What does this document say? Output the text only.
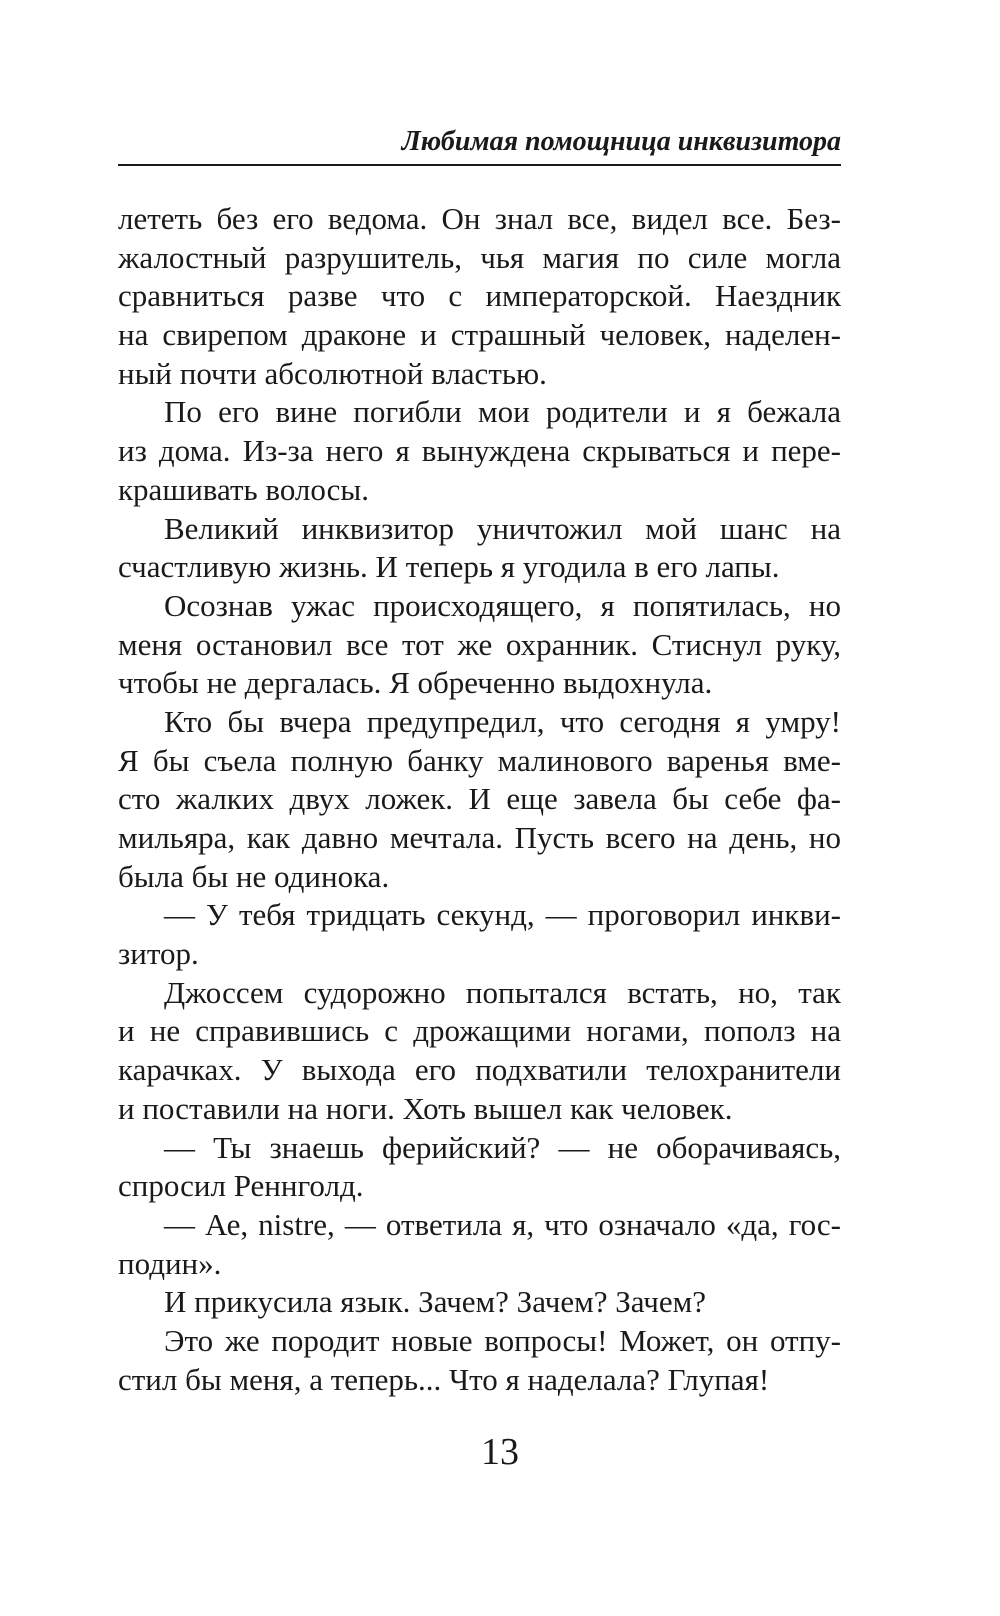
Любимая помощница инквизитора
лететь без его ведома. Он знал все, видел все. Без-
жалостный разрушитель, чья магия по силе могла
сравниться разве что с императорской. Наездник
на свирепом драконе и страшный человек, наделен-
ный почти абсолютной властью.
По его вине погибли мои родители и я бежала
из дома. Из-за него я вынуждена скрываться и пере-
крашивать волосы.
Великий инквизитор уничтожил мой шанс на
счастливую жизнь. И теперь я угодила в его лапы.
Осознав ужас происходящего, я попятилась, но
меня остановил все тот же охранник. Стиснул руку,
чтобы не дергалась. Я обреченно выдохнула.
Кто бы вчера предупредил, что сегодня я умру!
Я бы съела полную банку малинового варенья вме-
сто жалких двух ложек. И еще завела бы себе фа-
мильяра, как давно мечтала. Пусть всего на день, но
была бы не одинока.
— У тебя тридцать секунд, — проговорил инкви-
зитор.
Джоссем судорожно попытался встать, но, так
и не справившись с дрожащими ногами, пополз на
карачках. У выхода его подхватили телохранители
и поставили на ноги. Хоть вышел как человек.
— Ты знаешь ферийский? — не оборачиваясь,
спросил Реннголд.
— Ае, nistre, — ответила я, что означало «да, гос-
подин».
И прикусила язык. Зачем? Зачем? Зачем?
Это же породит новые вопросы! Может, он отпу-
стил бы меня, а теперь... Что я наделала? Глупая!
13
